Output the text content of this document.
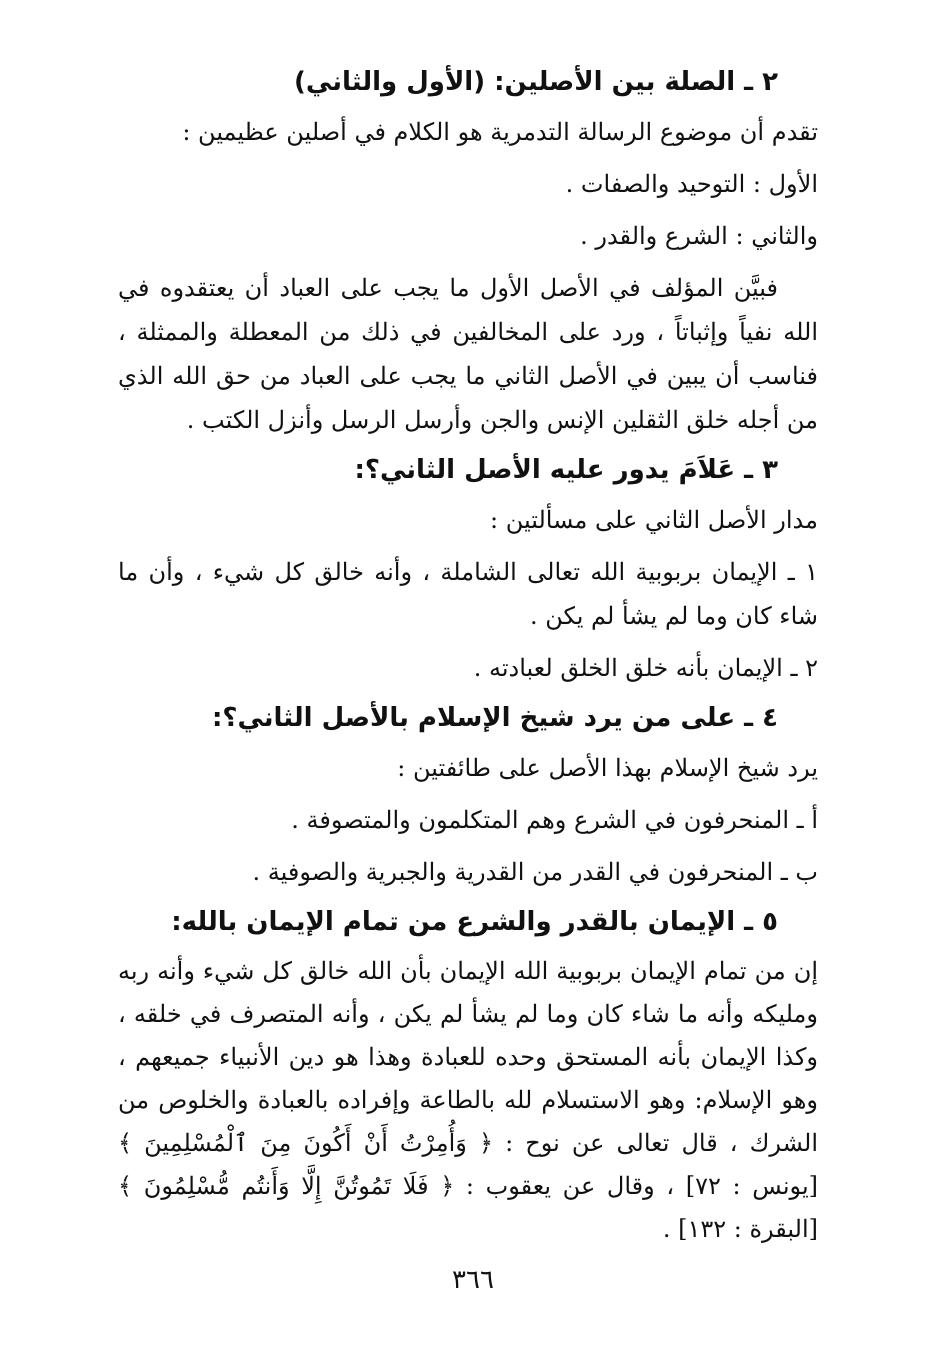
٢ ـ الصلة بين الأصلين: (الأول والثاني)
تقدم أن موضوع الرسالة التدمرية هو الكلام في أصلين عظيمين :
الأول : التوحيد والصفات .
والثاني : الشرع والقدر .
فبيَّن المؤلف في الأصل الأول ما يجب على العباد أن يعتقدوه في الله نفياً وإثباتاً ، ورد على المخالفين في ذلك من المعطلة والممثلة ، فناسب أن يبين في الأصل الثاني ما يجب على العباد من حق الله الذي من أجله خلق الثقلين الإنس والجن وأرسل الرسل وأنزل الكتب .
٣ ـ عَلاَمَ يدور عليه الأصل الثاني؟:
مدار الأصل الثاني على مسألتين :
١ ـ الإيمان بربوبية الله تعالى الشاملة ، وأنه خالق كل شيء ، وأن ما شاء كان وما لم يشأ لم يكن .
٢ ـ الإيمان بأنه خلق الخلق لعبادته .
٤ ـ على من يرد شيخ الإسلام بالأصل الثاني؟:
يرد شيخ الإسلام بهذا الأصل على طائفتين :
أ ـ المنحرفون في الشرع وهم المتكلمون والمتصوفة .
ب ـ المنحرفون في القدر من القدرية والجبرية والصوفية .
٥ ـ الإيمان بالقدر والشرع من تمام الإيمان بالله:
إن من تمام الإيمان بربوبية الله الإيمان بأن الله خالق كل شيء وأنه ربه ومليكه وأنه ما شاء كان وما لم يشأ لم يكن ، وأنه المتصرف في خلقه ، وكذا الإيمان بأنه المستحق وحده للعبادة وهذا هو دين الأنبياء جميعهم ، وهو الإسلام: وهو الاستسلام لله بالطاعة وإفراده بالعبادة والخلوص من الشرك ، قال تعالى عن نوح : ﴿ وَأُمِرْتُ أَنْ أَكُونَ مِنَ ٱلْمُسْلِمِينَ ﴾ [يونس : ٧٢] ، وقال عن يعقوب : ﴿ فَلَا تَمُوتُنَّ إِلَّا وَأَنتُم مُّسْلِمُونَ ﴾ [البقرة : ١٣٢] .
٣٦٦
